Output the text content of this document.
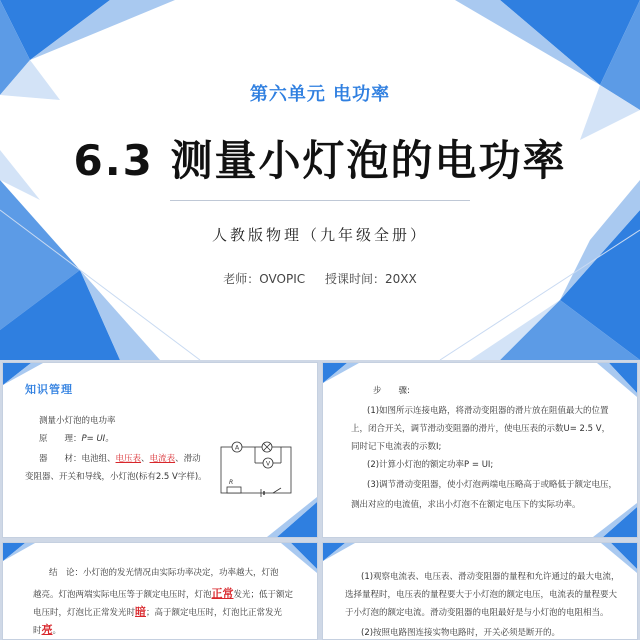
第六单元 电功率
6.3 测量小灯泡的电功率
人教版物理（九年级全册）
老师：OVOPIC 授课时间：20XX
知识管理
测量小灯泡的电功率
原　　理：P= UI。
器　　材：电池组、电压表、电流表、滑动
变阻器、开关和导线，小灯泡(标有2.5 V字样)。
A
V
R
步　　骤:
(1)如图所示连接电路，将滑动变阻器的滑片放在阻值最大的位置
上，闭合开关，调节滑动变阻器的滑片，使电压表的示数U= 2.5 V，
同时记下电流表的示数I;
(2)计算小灯泡的额定功率P = UI;
(3)调节滑动变阻器，使小灯泡两端电压略高于或略低于额定电压，
测出对应的电流值，求出小灯泡不在额定电压下的实际功率。
结　论：小灯泡的发光情况由实际功率决定，功率越大，灯泡
越亮。灯泡两端实际电压等于额定电压时，灯泡正常发光；低于额定
电压时，灯泡比正常发光时暗；高于额定电压时，灯泡比正常发光
时亮。
(1)观察电流表、电压表、滑动变阻器的量程和允许通过的最大电流，
选择量程时，电压表的量程要大于小灯泡的额定电压，电流表的量程要大
于小灯泡的额定电流。滑动变阻器的电阻最好是与小灯泡的电阻相当。
(2)按照电路图连接实物电路时，开关必须是断开的。
